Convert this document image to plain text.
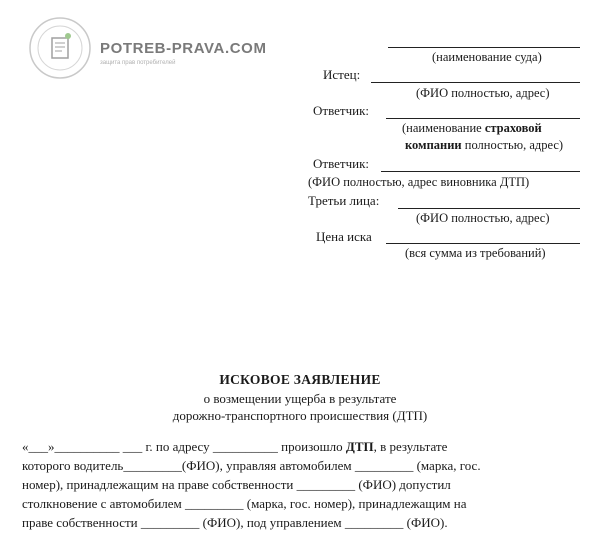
POTREB-PRAVA.COM
защита прав потребителей	(наименование суда)
Истец:
(ФИО полностью, адрес)
Ответчик:
(наименование страховой
компании полностью, адрес)
Ответчик:
(ФИО полностью, адрес виновника ДТП)
Третьи лица:
(ФИО полностью, адрес)
Цена иска
(вся сумма из требований)
ИСКОВОЕ ЗАЯВЛЕНИЕ
о возмещении ущерба в результате
дорожно-транспортного происшествия (ДТП)

«___»__________ ___ г. по адресу __________ произошло ДТП, в результате

которого водитель_________(ФИО), управляя автомобилем _________ (марка, гос.

номер), принадлежащим на праве собственности _________ (ФИО) допустил

столкновение с автомобилем _________ (марка, гос. номер), принадлежащим на

праве собственности _________ (ФИО), под управлением _________ (ФИО).
